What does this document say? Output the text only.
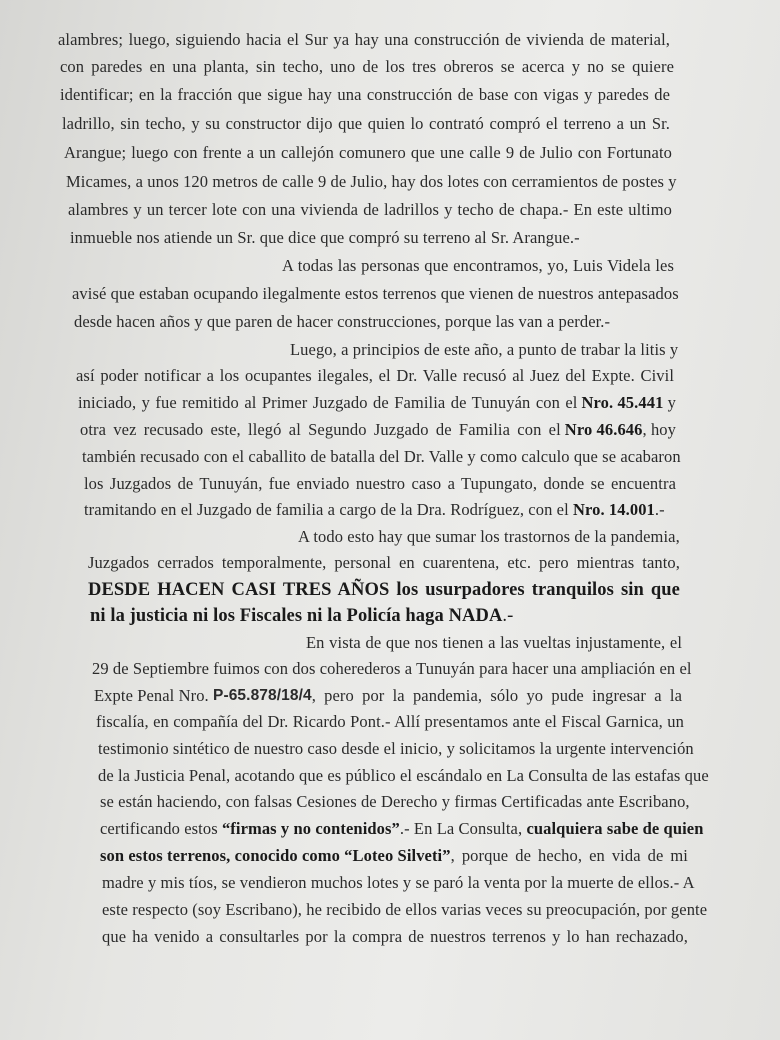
alambres; luego, siguiendo hacia el Sur ya hay una construcción de vivienda de material,
con paredes en una planta, sin techo, uno de los tres obreros se acerca y no se quiere
identificar; en la fracción que sigue hay una construcción de base con vigas y paredes de
ladrillo, sin techo, y su constructor dijo que quien lo contrató compró el terreno a un Sr.
Arangue; luego con frente a un callejón comunero que une calle 9 de Julio con Fortunato
Micames, a unos 120 metros de calle 9 de Julio, hay dos lotes con cerramientos de postes y
alambres y un tercer lote con una vivienda de ladrillos y techo de chapa.- En este ultimo
inmueble nos atiende un Sr. que dice que compró su terreno al Sr. Arangue.-
A todas las personas que encontramos, yo, Luis Videla les
avisé que estaban ocupando ilegalmente estos terrenos que vienen de nuestros antepasados
desde hacen años y que paren de hacer construcciones, porque las van a perder.-
Luego, a principios de este año, a punto de trabar la litis y
así poder notificar a los ocupantes ilegales, el Dr. Valle recusó al Juez del Expte. Civil
iniciado, y fue remitido al Primer Juzgado de Familia de Tunuyán con el Nro. 45.441 y
otra vez recusado este, llegó al Segundo Juzgado de Familia con el Nro 46.646 , hoy
también recusado con el caballito de batalla del Dr. Valle y como calculo que se acabaron
los Juzgados de Tunuyán, fue enviado nuestro caso a Tupungato, donde se encuentra
tramitando en el Juzgado de familia a cargo de la Dra. Rodríguez, con el Nro. 14.001.-
A todo esto hay que sumar los trastornos de la pandemia,
Juzgados cerrados temporalmente, personal en cuarentena, etc. pero mientras tanto,
DESDE HACEN CASI TRES AÑOS los usurpadores tranquilos sin que
ni la justicia ni los Fiscales ni la Policía haga NADA.-
En vista de que nos tienen a las vueltas injustamente, el
29 de Septiembre fuimos con dos coherederos a Tunuyán para hacer una ampliación en el
Expte Penal Nro. P-65.878/18/4 , pero por la pandemia, sólo yo pude ingresar a la
fiscalía, en compañía del Dr. Ricardo Pont.- Allí presentamos ante el Fiscal Garnica, un
testimonio sintético de nuestro caso desde el inicio, y solicitamos la urgente intervención
de la Justicia Penal, acotando que es público el escándalo en La Consulta de las estafas que
se están haciendo, con falsas Cesiones de Derecho y firmas Certificadas ante Escribano,
certificando estos “firmas y no contenidos” .- En La Consulta, cualquiera sabe de quien
son estos terrenos, conocido como “Loteo Silveti” , porque de hecho, en vida de mi
madre y mis tíos, se vendieron muchos lotes y se paró la venta por la muerte de ellos.- A
este respecto (soy Escribano), he recibido de ellos varias veces su preocupación, por gente
que ha venido a consultarles por la compra de nuestros terrenos y lo han rechazado,
